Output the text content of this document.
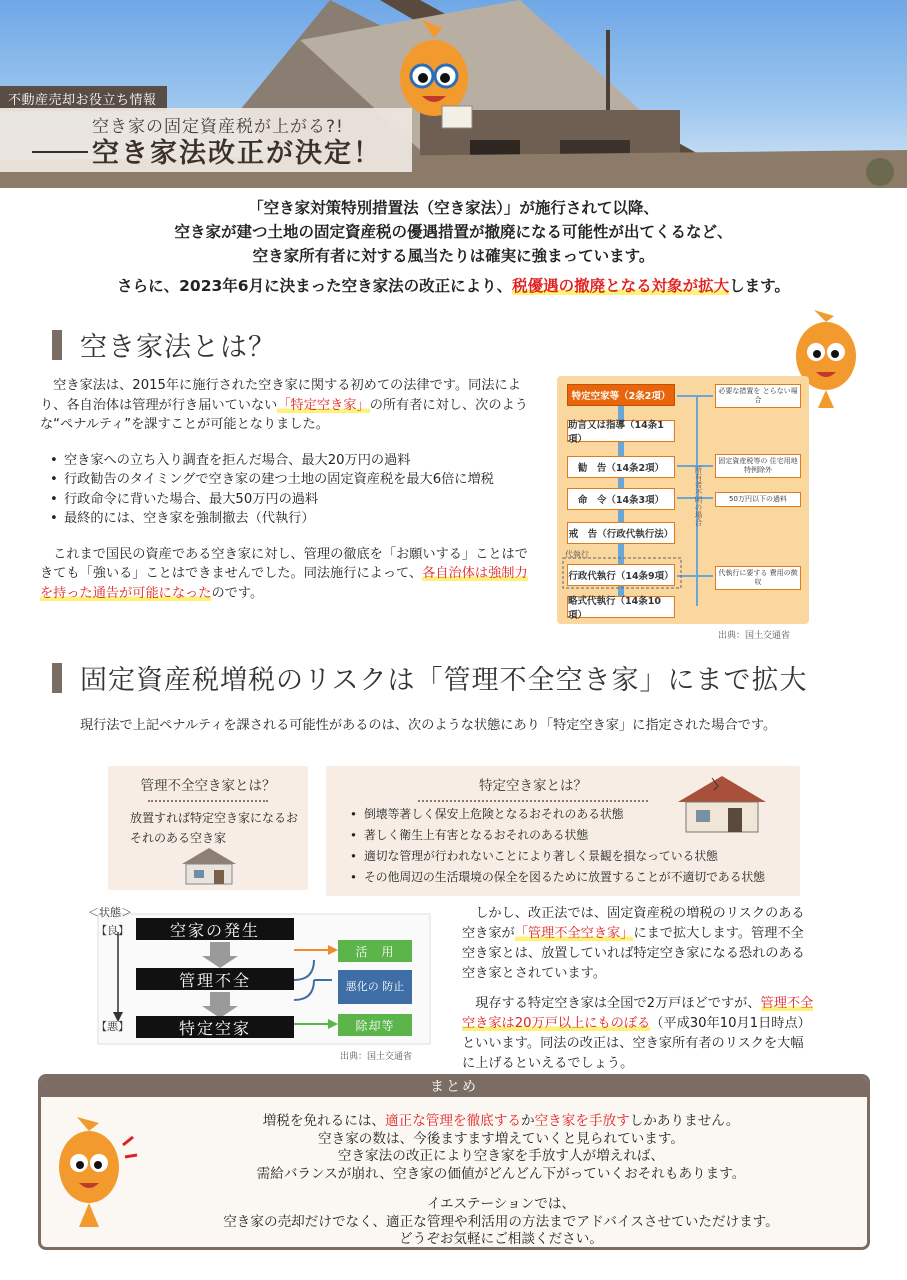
不動産売却お役立ち情報
空き家の固定資産税が上がる?!
空き家法改正が決定！
「空き家対策特別措置法（空き家法）」が施行されて以降、
空き家が建つ土地の固定資産税の優遇措置が撤廃になる可能性が出てくるなど、
空き家所有者に対する風当たりは確実に強まっています。
さらに、2023年6月に決まった空き家法の改正により、税優遇の撤廃となる対象が拡大します。
空き家法とは？

　空き家法は、2015年に施行された空き家に関する初めての法律です。同法により、各自治体は管理が行き届いていない「特定空き家」の所有者に対し、次のような“ペナルティ”を課すことが可能となりました。

• 空き家への立ち入り調査を拒んだ場合、最大20万円の過料
• 行政勧告のタイミングで空き家の建つ土地の固定資産税を最大6倍に増税
• 行政命令に背いた場合、最大50万円の過料
• 最終的には、空き家を強制撤去（代執行）

　これまで国民の資産である空き家に対し、管理の徹底を「お願いする」ことはできても「強いる」ことはできませんでした。同法施行によって、各自治体は強制力を持った通告が可能になったのです。

特定空家等（2条2項）
助言又は指導（14条1項）
勧　告（14条2項）
命　令（14条3項）
戒　告（行政代執行法）
代執行
行政代執行（14条9項）
略式代執行（14条10項）
必要な措置を とらない場合
固定資産税等の 住宅用地特例除外
50万円以下の過料
代執行に要する 費用の徴収
所有者不明の場合
出典：国土交通省
固定資産税増税のリスクは「管理不全空き家」にまで拡大
現行法で上記ペナルティを課される可能性があるのは、次のような状態にあり「特定空き家」に指定された場合です。
管理不全空き家とは？
放置すれば特定空き家になるおそれのある空き家
特定空き家とは？
• 倒壊等著しく保安上危険となるおそれのある状態
• 著しく衛生上有害となるおそれのある状態
• 適切な管理が行われないことにより著しく景観を損なっている状態
• その他周辺の生活環境の保全を図るために放置することが不適切である状態
＜状態＞
【良】
【悪】
空家の発生
管理不全
特定空家
活　用
悪化の 防止
除却等
出典：国土交通省

しかし、改正法では、固定資産税の増税のリスクのある空き家が「管理不全空き家」にまで拡大します。管理不全空き家とは、放置していれば特定空き家になる恐れのある空き家とされています。

現存する特定空き家は全国で2万戸ほどですが、管理不全空き家は20万戸以上にものぼる（平成30年10月1日時点）といいます。同法の改正は、空き家所有者のリスクを大幅に上げるといえるでしょう。

まとめ
増税を免れるには、適正な管理を徹底するか空き家を手放すしかありません。
空き家の数は、今後ますます増えていくと見られています。
空き家法の改正により空き家を手放す人が増えれば、
需給バランスが崩れ、空き家の価値がどんどん下がっていくおそれもあります。
イエステーションでは、
空き家の売却だけでなく、適正な管理や利活用の方法までアドバイスさせていただけます。
どうぞお気軽にご相談ください。
